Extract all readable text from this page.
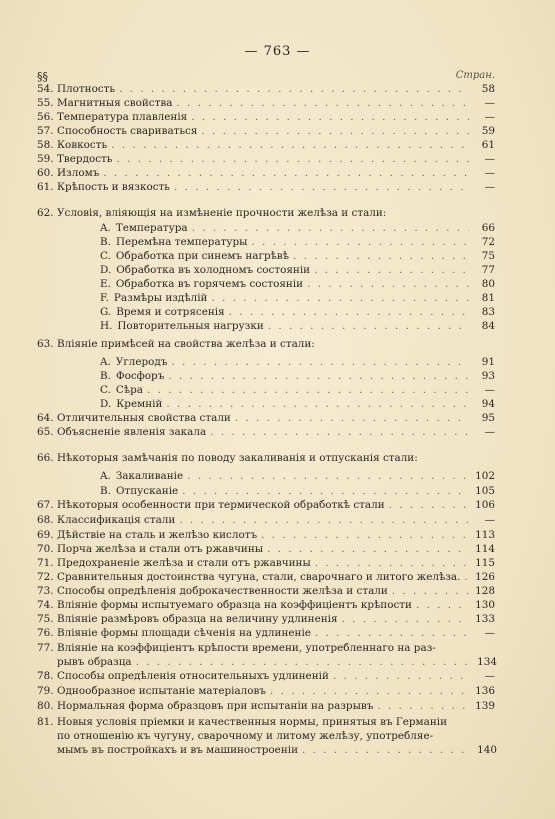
— 763 —
§§	Стран.
54. Плотность . . .	58
55. Магнитныя свойства . . .	—
56. Температура плавленія . . .	—
57. Способность свариваться . . .	59
58. Ковкость . . .	61
59. Твердость . . .	—
60. Изломъ . . .	—
61. Крѣпость и вязкость . . .	—
62. Условія, вліяющія на измѣненіе прочности желѣза и стали:
A. Температура . . .	66
B. Перемѣна температуры . . .	72
C. Обработка при синемъ нагрѣвѣ . . .	75
D. Обработка въ холодномъ состояніи . . .	77
E. Обработка въ горячемъ состояніи . . .	80
F. Размѣры издѣлій . . .	81
G. Время и сотрясенія . . .	83
H. Повторительныя нагрузки . . .	84
63. Вліяніе примѣсей на свойства желѣза и стали:
A. Углеродъ . . .	91
B. Фосфоръ . . .	93
C. Сѣра . . .	—
D. Кремній . . .	94
64. Отличительныя свойства стали . . .	95
65. Объясненіе явленія закала . . .	—
66. Нѣкоторыя замѣчанія по поводу закаливанія и отпусканія стали:
A. Закаливаніе . . .	102
B. Отпусканіе . . .	105
67. Нѣкоторыя особенности при термической обработкѣ стали . . .	106
68. Классификація стали . . .	—
69. Дѣйствіе на сталь и желѣзо кислотъ . . .	113
70. Порча желѣза и стали отъ ржавчины . . .	114
71. Предохраненіе желѣза и стали отъ ржавчины . . .	115
72. Сравнительныя достоинства чугуна, стали, сварочнаго и литого желѣза. . . . 126
73. Способы опредѣленія доброкачественности желѣза и стали . . .	128
74. Вліяніе формы испытуемаго образца на коэффиціентъ крѣпости . . .	130
75. Вліяніе размѣровъ образца на величину удлиненія . . .	133
76. Вліяніе формы площади сѣченія на удлиненіе . . .	—
77. Вліяніе на коэффиціентъ крѣпости времени, употребленнаго на раз-
рывъ образца . . .	134
78. Способы опредѣленія относительныхъ удлиненій . . .	—
79. Однообразное испытаніе матеріаловъ . . .	136
80. Нормальная форма образцовъ при испытаніи на разрывъ . . .	139
81. Новыя условія пріемки и качественныя нормы, принятыя въ Германіи
по отношенію къ чугуну, сварочному и литому желѣзу, употребляе-
мымъ въ постройкахъ и въ машиностроеніи . . .	140
